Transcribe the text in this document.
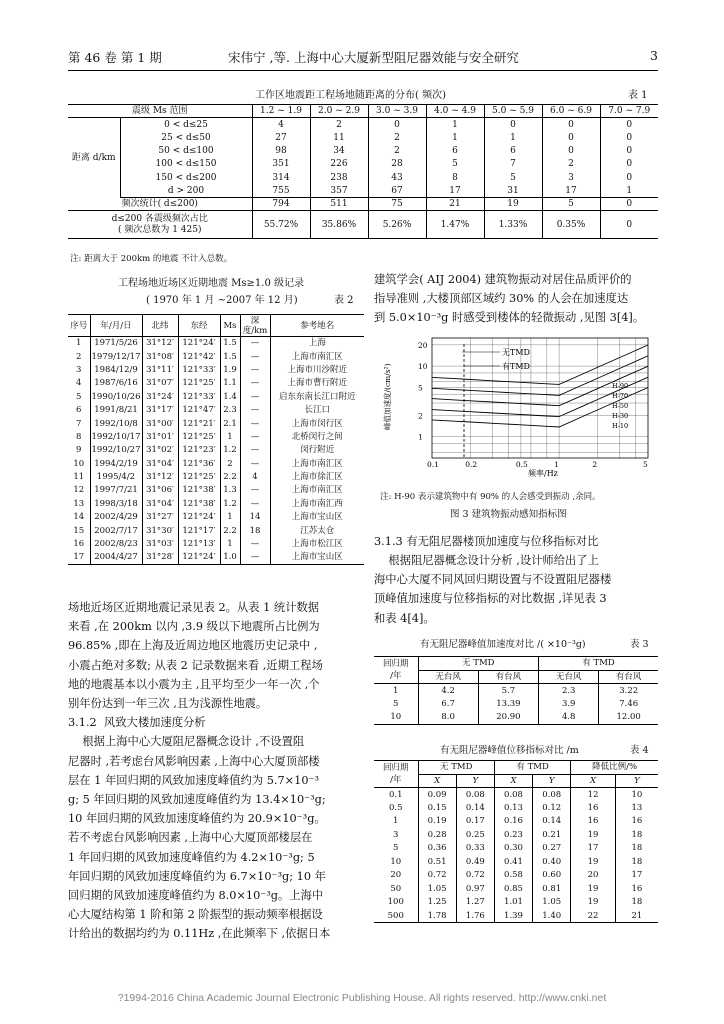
第 46 卷 第 1 期	宋伟宁 ,等. 上海中心大厦新型阻尼器效能与安全研究	3
工作区地震距工程场地随距离的分布( 频次)	表 1
震级 Ms 范围		1.2 ~ 1.9	2.0 ~ 2.9	3.0 ~ 3.9	4.0 ~ 4.9	5.0 ~ 5.9	6.0 ~ 6.9	7.0 ~ 7.9
距离 d/km	0 < d≤25	4	2	0	1	0	0	0
	25 < d≤50	27	11	2	1	1	0	0
	50 < d≤100	98	34	2	6	6	0	0
	100 < d≤150	351	226	28	5	7	2	0
	150 < d≤200	314	238	43	8	5	3	0
	d > 200	755	357	67	17	31	17	1
频次统计( d≤200)		794	511	75	21	19	5	0

d≤200 各震级频次占比
( 频次总数为 1 425)		55.72%	35.86%	5.26%	1.47%	1.33%	0.35%	0
注: 距离大于 200km 的地震 不计入总数。
工程场地近场区近期地震 Ms≥1.0 级记录
( 1970 年 1 月 ~2007 年 12 月)	表 2
序号	年/月/日	北纬	东经	Ms	深度/km	参考地名
1	1971/5/26	31°12′	121°24′	1.5	—	上海
2	1979/12/17	31°08′	121°42′	1.5	—	上海市南汇区
3	1984/12/9	31°11′	121°33′	1.9	—	上海市川沙附近
4	1987/6/16	31°07′	121°25′	1.1	—	上海市曹行附近
5	1990/10/26	31°24′	121°33′	1.4	—	启东东南长江口附近
6	1991/8/21	31°17′	121°47′	2.3	—	长江口
7	1992/10/8	31°00′	121°21′	2.1	—	上海市闵行区
8	1992/10/17	31°01′	121°25′	1	—	北桥闵行之间
9	1992/10/27	31°02′	121°23′	1.2	—	闵行附近
10	1994/2/19	31°04′	121°36′	2	—	上海市南汇区
11	1995/4/2	31°12′	121°25′	2.2	4	上海市徐汇区
12	1997/7/21	31°06′	121°38′	1.3	—	上海市南汇区
13	1998/3/18	31°04′	121°38′	1.2	—	上海市南汇西
14	2002/4/29	31°27′	121°24′	1	14	上海市宝山区
15	2002/7/17	31°30′	121°17′	2.2	18	江苏太仓
16	2002/8/23	31°03′	121°13′	1	—	上海市松江区
17	2004/4/27	31°28′	121°24′	1.0	—	上海市宝山区
场地近场区近期地震记录见表 2。从表 1 统计数据
来看 ,在 200km 以内 ,3.9 级以下地震所占比例为
96.85% ,即在上海及近周边地区地震历史记录中 ,
小震占绝对多数; 从表 2 记录数据来看 ,近期工程场
地的地震基本以小震为主 ,且平均至少一年一次 ,个
别年份达到一年三次 ,且为浅源性地震。
3.1.2  风致大楼加速度分析
根据上海中心大厦阻尼器概念设计 ,不设置阻
尼器时 ,若考虑台风影响因素 ,上海中心大厦顶部楼
层在 1 年回归期的风致加速度峰值约为 5.7×10⁻³
g; 5 年回归期的风致加速度峰值约为 13.4×10⁻³g;
10 年回归期的风致加速度峰值约为 20.9×10⁻³g。
若不考虑台风影响因素 ,上海中心大厦顶部楼层在
1 年回归期的风致加速度峰值约为 4.2×10⁻³g; 5
年回归期的风致加速度峰值约为 6.7×10⁻³g; 10 年
回归期的风致加速度峰值约为 8.0×10⁻³g。上海中
心大厦结构第 1 阶和第 2 阶振型的振动频率根据设
计给出的数据均约为 0.11Hz ,在此频率下 ,依据日本
建筑学会( AIJ 2004) 建筑物振动对居住品质评价的
指导准则 ,大楼顶部区域约 30% 的人会在加速度达
到 5.0×10⁻³g 时感受到楼体的轻微振动 ,见图 3[4]。
无TMD
有TMD
0.1	0.2	0.5	1	2	5
1
2
5
10
20
H-90
H-70
H-50
H-30
H-10
峰值加速度/(cm/s²)
频率/Hz
注: H-90 表示建筑物中有 90% 的人会感受到振动 ,余同。
图 3 建筑物振动感知指标图
3.1.3 有无阻尼器楼顶加速度与位移指标对比
根据阻尼器概念设计分析 ,设计师给出了上
海中心大厦不同风回归期设置与不设置阻尼器楼
顶峰值加速度与位移指标的对比数据 ,详见表 3
和表 4[4]。
有无阻尼器峰值加速度对比 /( ×10⁻³g)	表 3
回归期
/年	无 TMD		有 TMD	
	无台风	有台风	无台风	有台风
1	4.2	5.7	2.3	3.22
5	6.7	13.39	3.9	7.46
10	8.0	20.90	4.8	12.00
有无阻尼器峰值位移指标对比 /m	表 4
回归期
/年	无 TMD		有 TMD		降低比例/%	
	X	Y	X	Y	X	Y
0.1	0.09	0.08	0.08	0.08	12	10
0.5	0.15	0.14	0.13	0.12	16	13
1	0.19	0.17	0.16	0.14	16	16
3	0.28	0.25	0.23	0.21	19	18
5	0.36	0.33	0.30	0.27	17	18
10	0.51	0.49	0.41	0.40	19	18
20	0.72	0.72	0.58	0.60	20	17
50	1.05	0.97	0.85	0.81	19	16
100	1.25	1.27	1.01	1.05	19	18
500	1.78	1.76	1.39	1.40	22	21
?1994-2016 China Academic Journal Electronic Publishing House. All rights reserved. http://www.cnki.net
